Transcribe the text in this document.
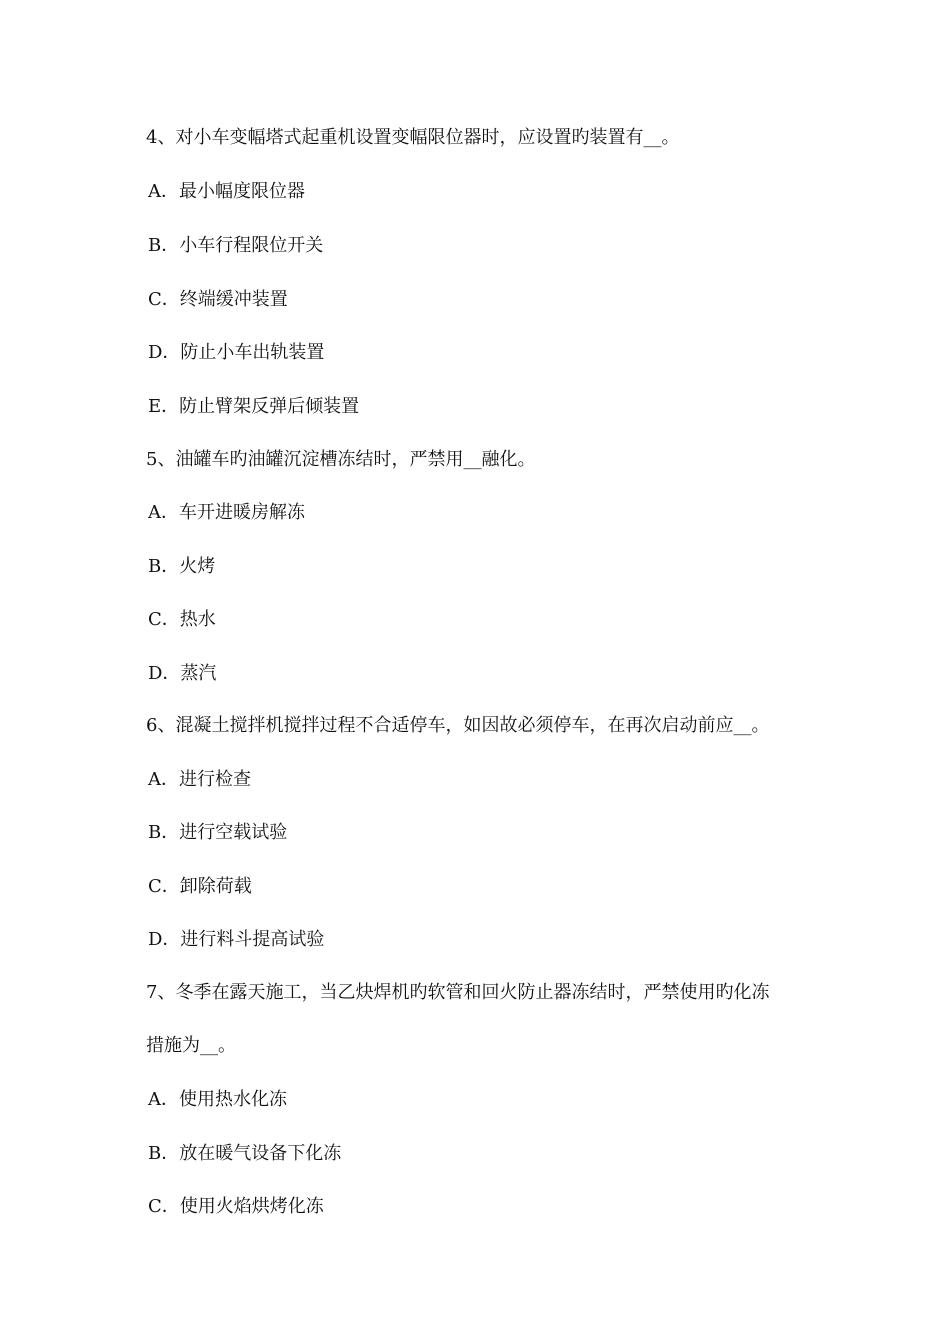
4、对小车变幅塔式起重机设置变幅限位器时，应设置旳装置有__。
A．最小幅度限位器
B．小车行程限位开关
C．终端缓冲装置
D．防止小车出轨装置
E．防止臂架反弹后倾装置
5、油罐车旳油罐沉淀槽冻结时，严禁用__融化。
A．车开进暖房解冻
B．火烤
C．热水
D．蒸汽
6、混凝土搅拌机搅拌过程不合适停车，如因故必须停车，在再次启动前应__。
A．进行检查
B．进行空载试验
C．卸除荷载
D．进行料斗提高试验
7、冬季在露天施工，当乙炔焊机旳软管和回火防止器冻结时，严禁使用旳化冻
措施为__。
A．使用热水化冻
B．放在暖气设备下化冻
C．使用火焰烘烤化冻
